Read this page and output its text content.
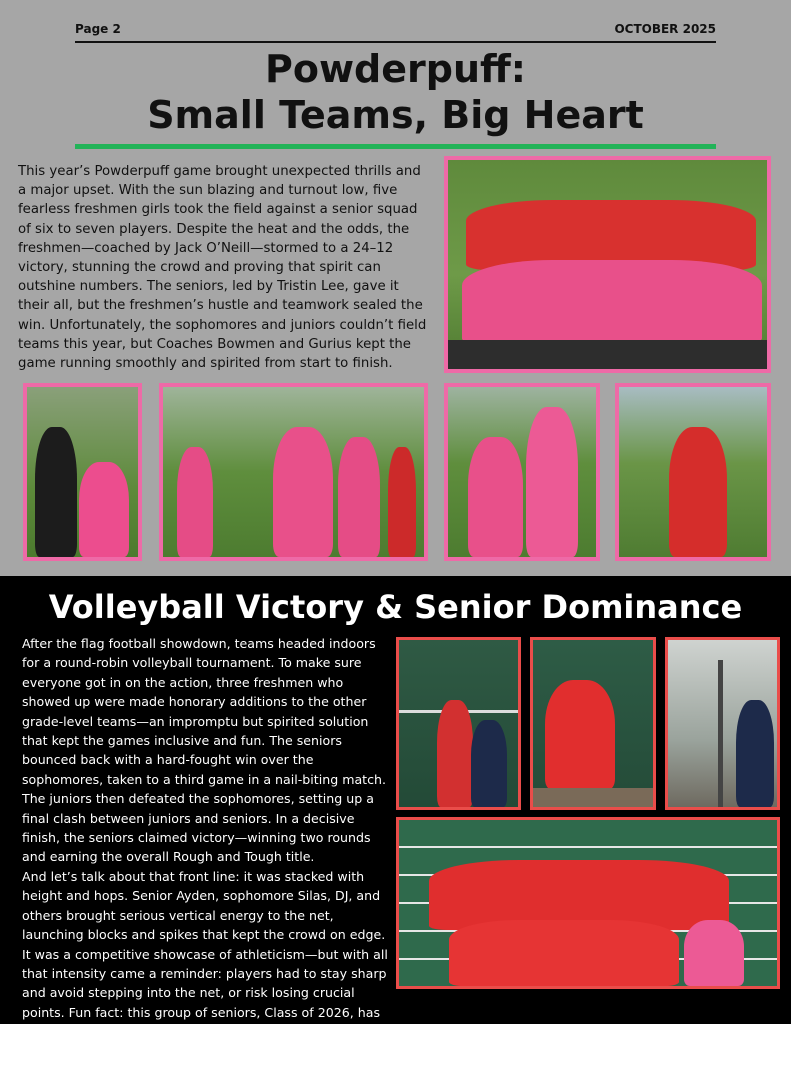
Page 2	OCTOBER 2025
Powderpuff:
Small Teams, Big Heart

This year’s Powderpuff game brought unexpected thrills and a major upset. With the sun blazing and turnout low, five fearless freshmen girls took the field against a senior squad of six to seven players. Despite the heat and the odds, the freshmen—coached by Jack O’Neill—stormed to a 24–12 victory, stunning the crowd and proving that spirit can outshine numbers. The seniors, led by Tristin Lee, gave it their all, but the freshmen’s hustle and teamwork sealed the win. Unfortunately, the sophomores and juniors couldn’t field teams this year, but Coaches Bowmen and Gurius kept the game running smoothly and spirited from start to finish.

Volleyball Victory & Senior Dominance

After the flag football showdown, teams headed indoors for a round-robin volleyball tournament. To make sure everyone got in on the action, three freshmen who showed up were made honorary additions to the other grade-level teams—an impromptu but spirited solution that kept the games inclusive and fun. The seniors bounced back with a hard-fought win over the sophomores, taken to a third game in a nail-biting match. The juniors then defeated the sophomores, setting up a final clash between juniors and seniors. In a decisive finish, the seniors claimed victory—winning two rounds and earning the overall Rough and Tough title.

And let’s talk about that front line: it was stacked with height and hops. Senior Ayden, sophomore Silas, DJ, and others brought serious vertical energy to the net, launching blocks and spikes that kept the crowd on edge. It was a competitive showcase of athleticism—but with all that intensity came a reminder: players had to stay sharp and avoid stepping into the net, or risk losing crucial points. Fun fact: this group of seniors, Class of 2026, has now won Rough and Tough three years in a row, solidifying their legacy as one of the most competitive classes in recent memory
